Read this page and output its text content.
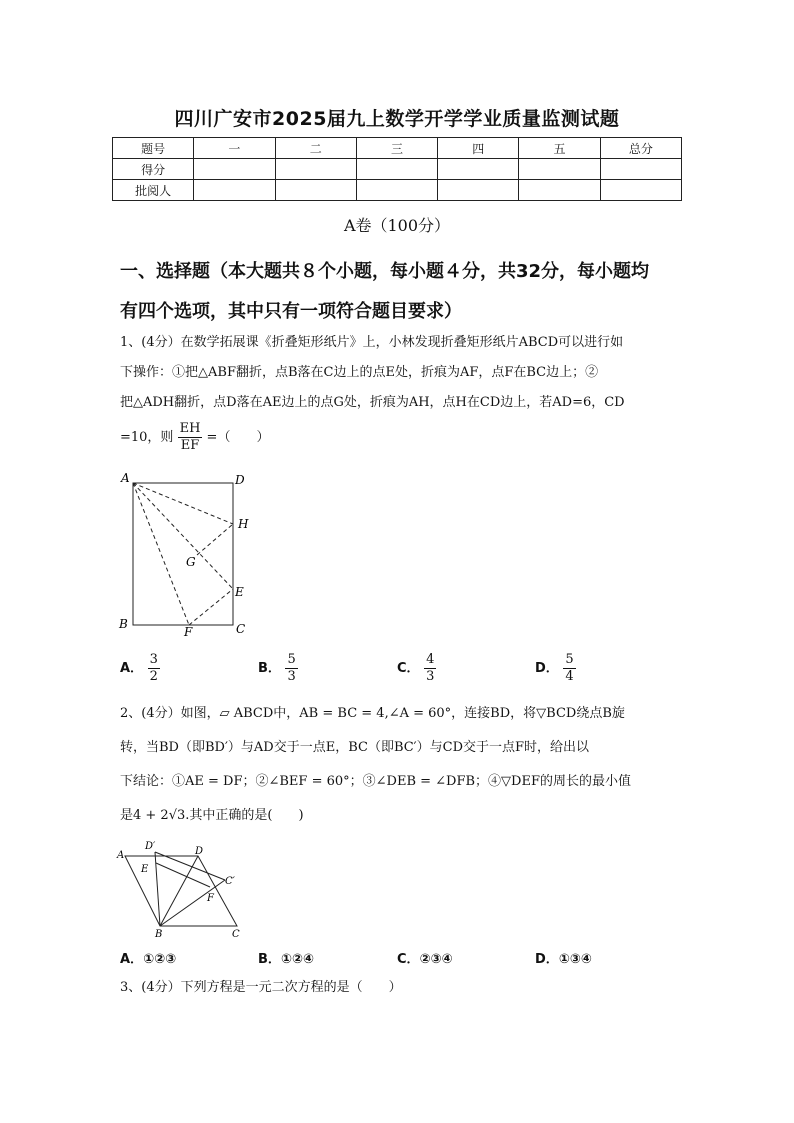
四川广安市2025届九上数学开学学业质量监测试题
题号	一	二	三	四	五	总分
得分						
批阅人						
A卷（100分）
一、选择题（本大题共８个小题，每小题４分，共32分，每小题均
有四个选项，其中只有一项符合题目要求）
1、(4分）在数学拓展课《折叠矩形纸片》上，小林发现折叠矩形纸片ABCD可以进行如
下操作：①把△ABF翻折，点B落在C边上的点E处，折痕为AF，点F在BC边上；②
把△ADH翻折，点D落在AE边上的点G处，折痕为AH，点H在CD边上，若AD=6，CD
=10，则 $\frac{EH}{EF}$ =（　　）
A	D
H
G
E
B
F	C
A． $\frac{3}{2}$	B． $\frac{5}{3}$	C． $\frac{4}{3}$	D． $\frac{5}{4}$
2、(4分）如图，▱ ABCD中，AB = BC = 4,∠A = 60°，连接BD，将▽BCD绕点B旋
转，当BD（即BD′）与AD交于一点E，BC（即BC′）与CD交于一点F时，给出以
下结论：①AE = DF；②∠BEF = 60°；③∠DEB = ∠DFB；④▽DEF的周长的最小值
是4 + 2√3.其中正确的是(　　)
A
D′	D
E
C′
F
B	C
A．①②③	B．①②④	C．②③④	D．①③④
3、(4分）下列方程是一元二次方程的是（　　）
